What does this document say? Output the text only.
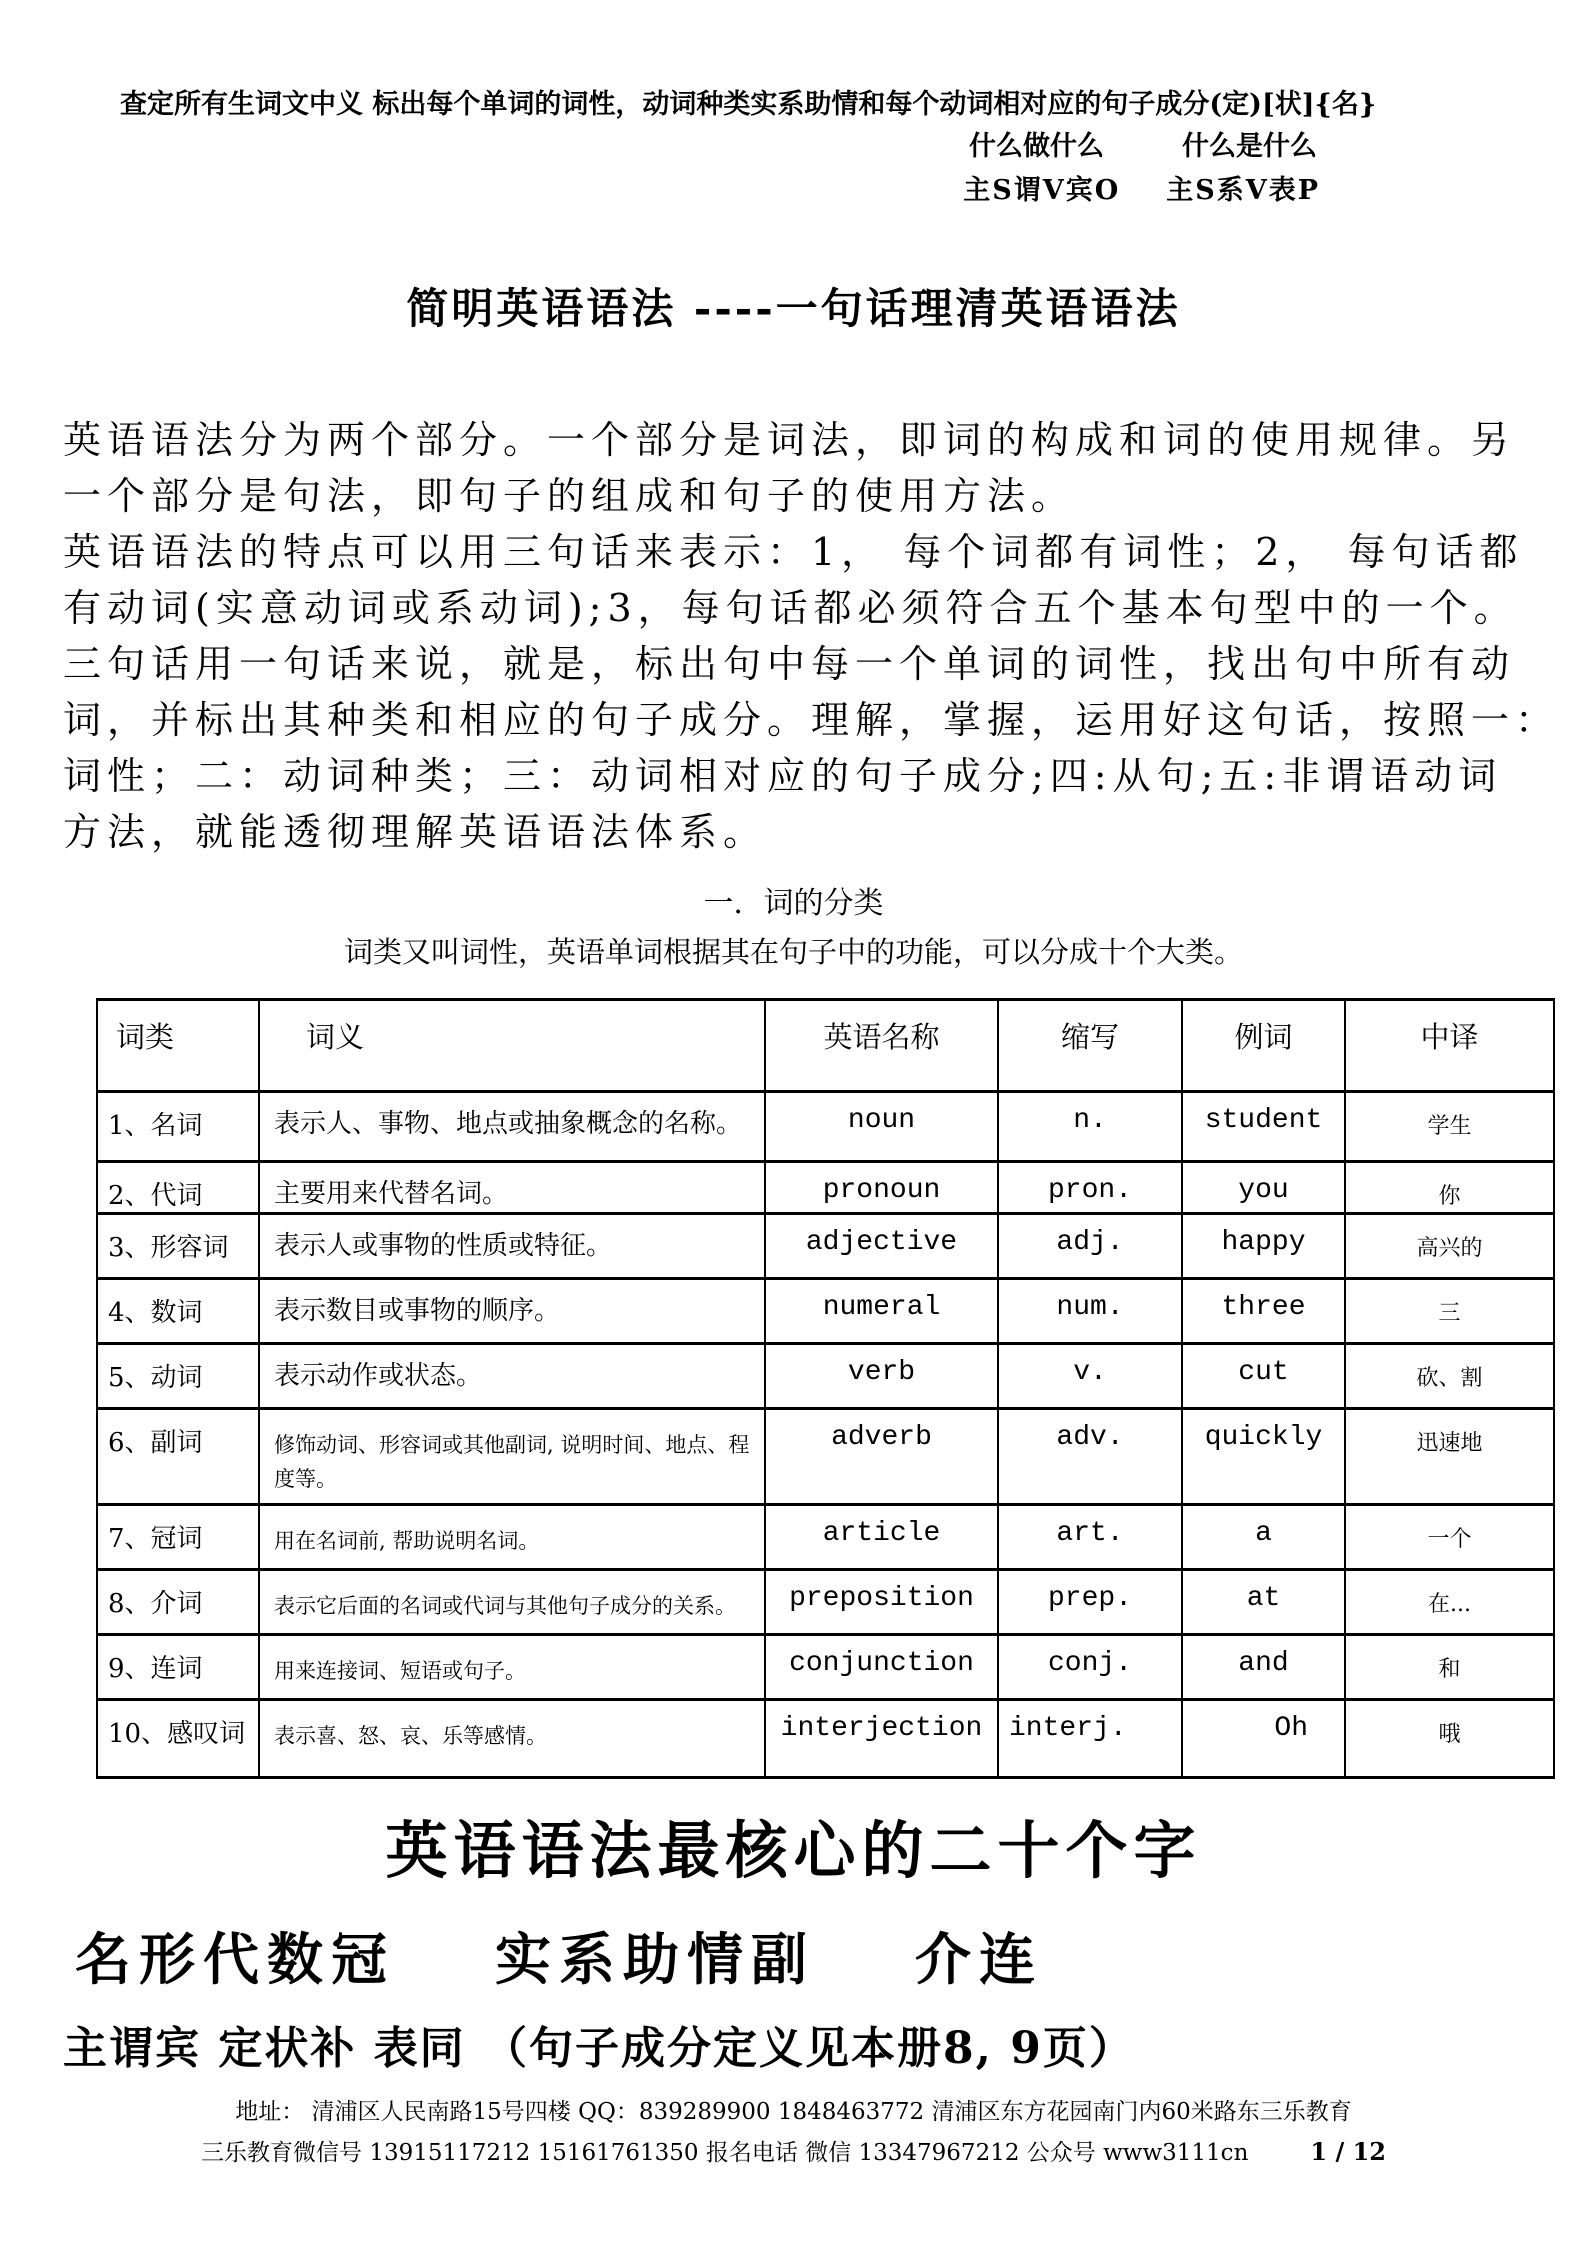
查定所有生词文中义 标出每个单词的词性，动词种类实系助情和每个动词相对应的句子成分(定)[状]{名}
什么做什么	什么是什么
主S谓V宾O 主S系V表P
简明英语语法 ----一句话理清英语语法
英语语法分为两个部分。一个部分是词法，即词的构成和词的使用规律。另
一个部分是句法，即句子的组成和句子的使用方法。
英语语法的特点可以用三句话来表示：1， 每个词都有词性；2， 每句话都
有动词(实意动词或系动词);3，每句话都必须符合五个基本句型中的一个。
三句话用一句话来说，就是，标出句中每一个单词的词性，找出句中所有动
词，并标出其种类和相应的句子成分。理解，掌握，运用好这句话，按照一：
词性；二：动词种类；三：动词相对应的句子成分;四:从句;五:非谓语动词
方法，就能透彻理解英语语法体系。
一．词的分类
词类又叫词性，英语单词根据其在句子中的功能，可以分成十个大类。
词类	词义	英语名称	缩写	例词	中译
1、名词	表示人、事物、地点或抽象概念的名称。	noun	n.	student	学生
2、代词	主要用来代替名词。	pronoun	pron.	you	你
3、形容词	表示人或事物的性质或特征。	adjective	adj.	happy	高兴的
4、数词	表示数目或事物的顺序。	numeral	num.	three	三
5、动词	表示动作或状态。	verb	v.	cut	砍、割
6、副词	修饰动词、形容词或其他副词, 说明时间、地点、程度等。	adverb	adv.	quickly	迅速地
7、冠词	用在名词前, 帮助说明名词。	article	art.	a	一个
8、介词	表示它后面的名词或代词与其他句子成分的关系。	preposition	prep.	at	在...
9、连词	用来连接词、短语或句子。	conjunction	conj.	and	和
10、感叹词	表示喜、怒、哀、乐等感情。	interjection	interj.	Oh	哦
英语语法最核心的二十个字
名形代数冠 实系助情副 介连
主谓宾 定状补 表同 （句子成分定义见本册8, 9页）
地址： 清浦区人民南路15号四楼 QQ：839289900 1848463772 清浦区东方花园南门内60米路东三乐教育
三乐教育微信号 13915117212 15161761350 报名电话 微信 13347967212 公众号 www3111cn	1 / 12
